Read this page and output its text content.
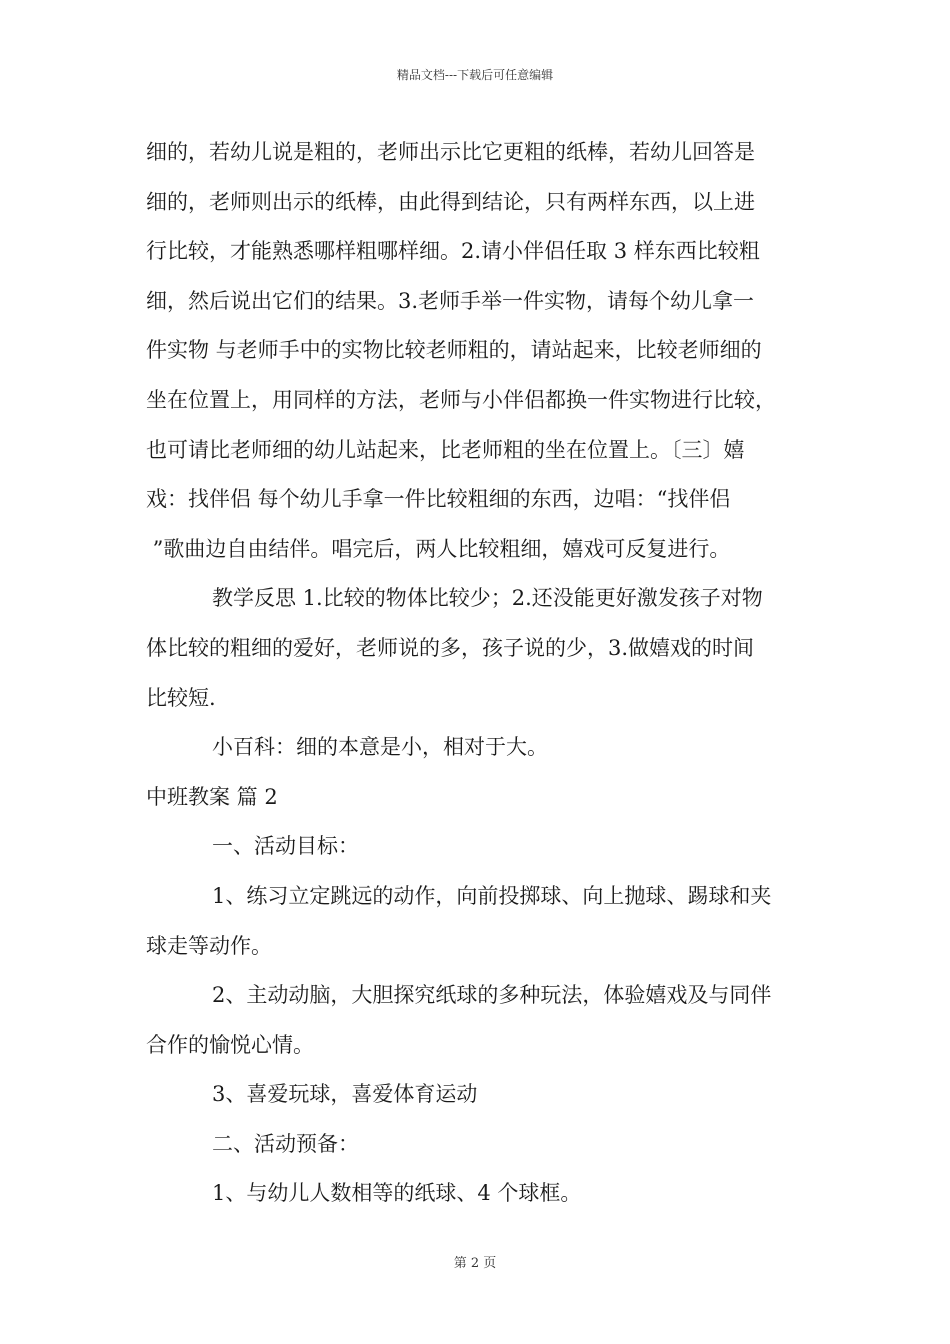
精品文档---下载后可任意编辑
细的，若幼儿说是粗的，老师出示比它更粗的纸棒，若幼儿回答是
细的，老师则出示的纸棒，由此得到结论，只有两样东西，以上进
行比较，才能熟悉哪样粗哪样细。2.请小伴侣任取 3 样东西比较粗
细，然后说出它们的结果。3.老师手举一件实物，请每个幼儿拿一
件实物 与老师手中的实物比较老师粗的，请站起来，比较老师细的
坐在位置上，用同样的方法，老师与小伴侣都换一件实物进行比较，
也可请比老师细的幼儿站起来，比老师粗的坐在位置上。〔三〕嬉
戏：找伴侣 每个幼儿手拿一件比较粗细的东西，边唱：“找伴侣
”歌曲边自由结伴。唱完后，两人比较粗细，嬉戏可反复进行。
教学反思 1.比较的物体比较少；2.还没能更好激发孩子对物
体比较的粗细的爱好，老师说的多，孩子说的少，3.做嬉戏的时间
比较短.
小百科：细的本意是小，相对于大。
中班教案 篇 2
一、活动目标：
1、练习立定跳远的动作，向前投掷球、向上抛球、踢球和夹
球走等动作。
2、主动动脑，大胆探究纸球的多种玩法，体验嬉戏及与同伴
合作的愉悦心情。
3、喜爱玩球，喜爱体育运动
二、活动预备：
1、与幼儿人数相等的纸球、4 个球框。
第 2 页
